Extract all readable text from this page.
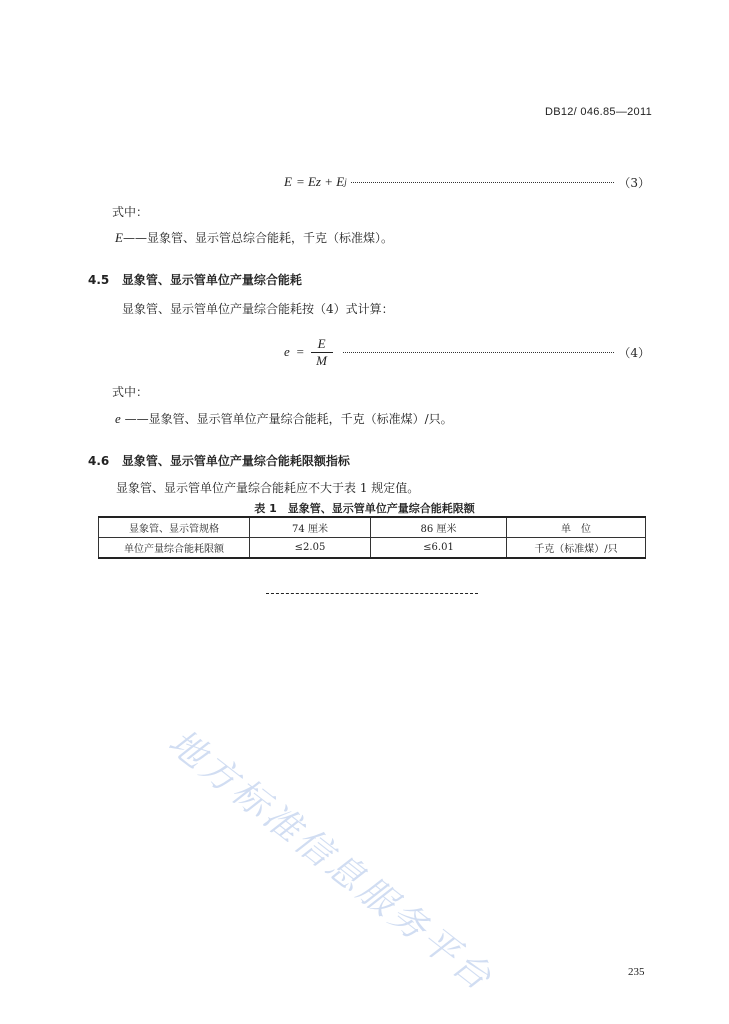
DB12/ 046.85—2011
E = Ez + E j	（3）
式中：
E——显象管、显示管总综合能耗，千克（标准煤）。
4.5 显象管、显示管单位产量综合能耗
显象管、显示管单位产量综合能耗按（4）式计算：
$e = \frac{E}{M}$	（4）
式中：
e ——显象管、显示管单位产量综合能耗，千克（标准煤）/只。
4.6 显象管、显示管单位产量综合能耗限额指标
显象管、显示管单位产量综合能耗应不大于表 1 规定值。
表 1　显象管、显示管单位产量综合能耗限额
显象管、显示管规格	74 厘米	86 厘米	单　位
单位产量综合能耗限额	≤2.05	≤6.01	千克（标准煤）/只
地方标准信息服务平台	235
